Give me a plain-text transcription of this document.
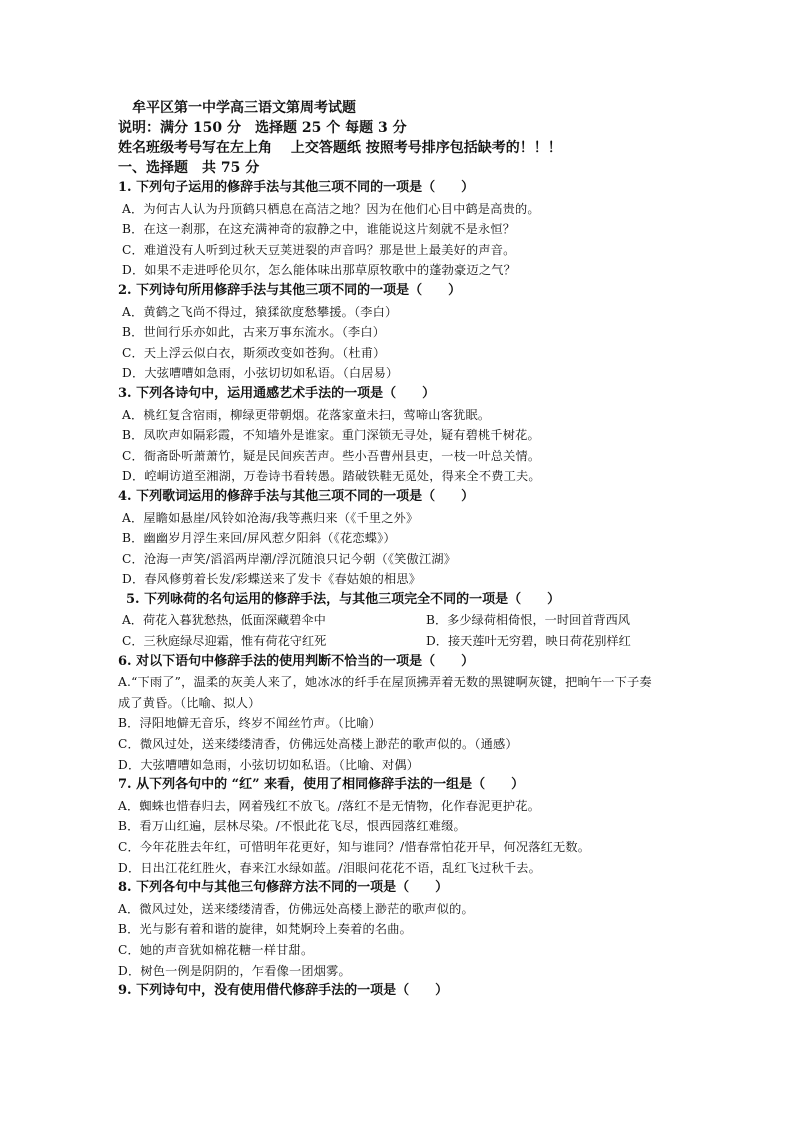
牟平区第一中学高三语文第周考试题
说明：满分 150 分　选择题 25 个 每题 3 分
姓名班级考号写在左上角　 上交答题纸 按照考号排序包括缺考的！！！
一、选择题　共 75 分
1. 下列句子运用的修辞手法与其他三项不同的一项是（　　）
A．为何古人认为丹顶鹤只栖息在高洁之地？因为在他们心目中鹤是高贵的。
B．在这一刹那，在这充满神奇的寂静之中，谁能说这片刻就不是永恒？
C．难道没有人听到过秋天豆荚迸裂的声音吗？那是世上最美好的声音。
D．如果不走进呼伦贝尔，怎么能体味出那草原牧歌中的蓬勃豪迈之气？
2. 下列诗句所用修辞手法与其他三项不同的一项是（　　）
A．黄鹤之飞尚不得过，猿猱欲度愁攀援。（李白）
B．世间行乐亦如此，古来万事东流水。（李白）
C．天上浮云似白衣，斯须改变如苍狗。（杜甫）
D．大弦嘈嘈如急雨，小弦切切如私语。（白居易）
3. 下列各诗句中，运用通感艺术手法的一项是（　　）
A．桃红复含宿雨，柳绿更带朝烟。花落家童未扫，莺啼山客犹眠。
B．凤吹声如隔彩霞，不知墙外是谁家。重门深锁无寻处，疑有碧桃千树花。
C．衙斋卧听萧萧竹，疑是民间疾苦声。些小吾曹州县吏，一枝一叶总关情。
D．崆峒访道至湘湖，万卷诗书看转愚。踏破铁鞋无觅处，得来全不费工夫。
4. 下列歌词运用的修辞手法与其他三项不同的一项是（　　）
A．屋瞻如悬崖/风铃如沧海/我等燕归来（《千里之外》
B．幽幽岁月浮生来回/屏风惹夕阳斜（《花恋蝶》）
C．沧海一声笑/滔滔两岸潮/浮沉随浪只记今朝（《笑傲江湖》
D．春风修剪着长发/彩蝶送来了发卡《春姑娘的相思》
5. 下列咏荷的名句运用的修辞手法，与其他三项完全不同的一项是（　　）
A．荷花入暮犹愁热，低面深藏碧伞中	B．多少绿荷相倚恨，一时回首背西风
C．三秋庭绿尽迎霜，惟有荷花守红死	D．接天莲叶无穷碧，映日荷花别样红
6. 对以下语句中修辞手法的使用判断不恰当的一项是（　　）
A.“下雨了”，温柔的灰美人来了，她冰冰的纤手在屋顶拂弄着无数的黑键啊灰键，把晌午一下子奏成了黄昏。（比喻、拟人）
B．浔阳地僻无音乐，终岁不闻丝竹声。（比喻）
C．微风过处，送来缕缕清香，仿佛远处高楼上渺茫的歌声似的。（通感）
D．大弦嘈嘈如急雨，小弦切切如私语。（比喻、对偶）
7. 从下列各句中的 “红” 来看，使用了相同修辞手法的一组是（　　）
A．蜘蛛也惜春归去，网着残红不放飞。/落红不是无情物，化作春泥更护花。
B．看万山红遍，层林尽染。/不恨此花飞尽，恨西园落红难缀。
C．今年花胜去年红，可惜明年花更好，知与谁同？/惜春常怕花开早，何况落红无数。
D．日出江花红胜火，春来江水绿如蓝。/泪眼问花花不语，乱红飞过秋千去。
8. 下列各句中与其他三句修辞方法不同的一项是（　　）
A．微风过处，送来缕缕清香，仿佛远处高楼上渺茫的歌声似的。
B．光与影有着和谐的旋律，如梵婀玲上奏着的名曲。
C．她的声音犹如棉花糖一样甘甜。
D．树色一例是阴阴的，乍看像一团烟雾。
9. 下列诗句中，没有使用借代修辞手法的一项是（　　）
